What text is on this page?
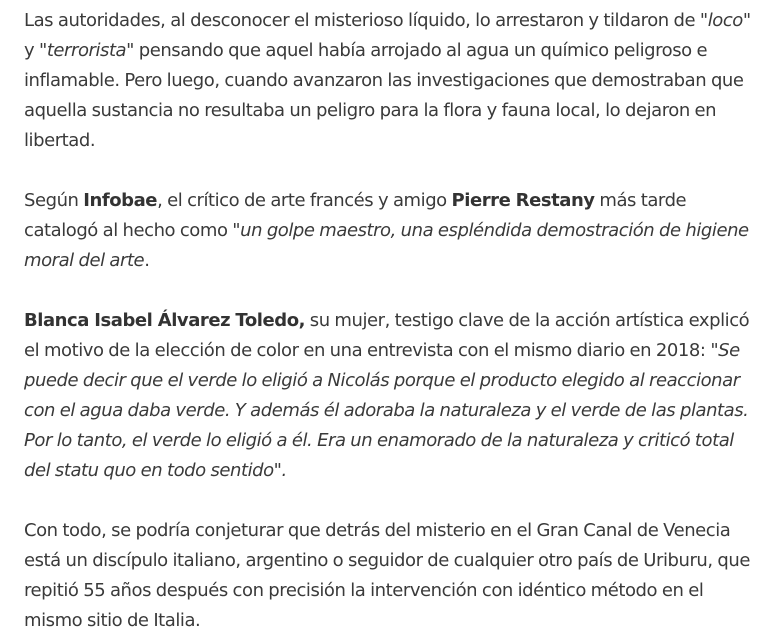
Las autoridades, al desconocer el misterioso líquido, lo arrestaron y tildaron de "loco" y "terrorista" pensando que aquel había arrojado al agua un químico peligroso e inflamable. Pero luego, cuando avanzaron las investigaciones que demostraban que aquella sustancia no resultaba un peligro para la flora y fauna local, lo dejaron en libertad.

Según Infobae, el crítico de arte francés y amigo Pierre Restany más tarde catalogó al hecho como "un golpe maestro, una espléndida demostración de higiene moral del arte.

Blanca Isabel Álvarez Toledo, su mujer, testigo clave de la acción artística explicó el motivo de la elección de color en una entrevista con el mismo diario en 2018: "Se puede decir que el verde lo eligió a Nicolás porque el producto elegido al reaccionar con el agua daba verde. Y además él adoraba la naturaleza y el verde de las plantas. Por lo tanto, el verde lo eligió a él. Era un enamorado de la naturaleza y criticó total del statu quo en todo sentido".

Con todo, se podría conjeturar que detrás del misterio en el Gran Canal de Venecia está un discípulo italiano, argentino o seguidor de cualquier otro país de Uriburu, que repitió 55 años después con precisión la intervención con idéntico método en el mismo sitio de Italia.
